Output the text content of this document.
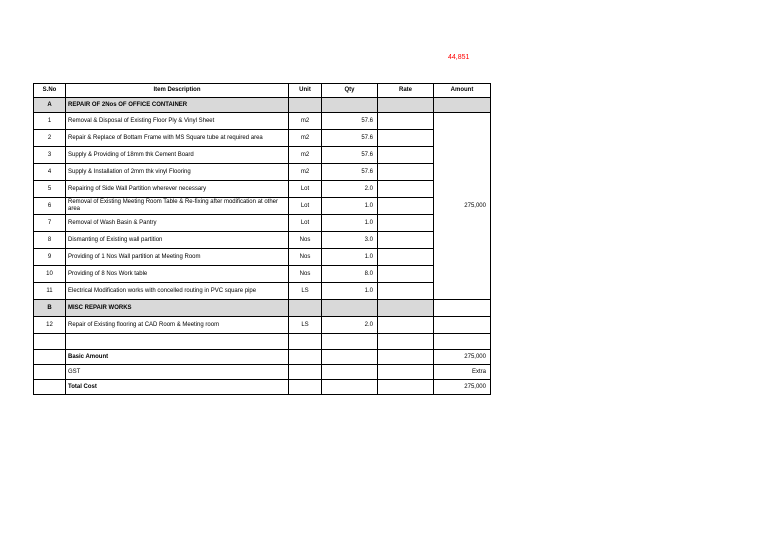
44,851
S.No	Item Description	Unit	Qty	Rate	Amount
A	REPAIR OF 2Nos OF OFFICE CONTAINER				
1	Removal & Disposal of Existing Floor Ply & Vinyl Sheet	m2	57.6		275,000
2	Repair & Replace of Bottam Frame with MS Square tube at required area	m2	57.6		
3	Supply & Providing of 18mm thk Cement Board	m2	57.6		
4	Supply & Installation of 2mm thk vinyl Flooring	m2	57.6		
5	Repairing of Side Wall Partition wherever necessary	Lot	2.0		
6	Removal of Existing Meeting Room Table & Re-fixing after modification at other area	Lot	1.0		
7	Removal of Wash Basin & Pantry	Lot	1.0		
8	Dismanting of Existing wall partition	Nos	3.0		
9	Providing of 1 Nos Wall partition at Meeting Room	Nos	1.0		
10	Providing of 8 Nos Work table	Nos	8.0		
11	Electrical Modification works with concelled routing in PVC square pipe	LS	1.0		
B	MISC REPAIR WORKS				
12	Repair of Existing flooring at CAD Room & Meeting room	LS	2.0		

	Basic Amount				275,000
	GST				Extra
	Total Cost				275,000
